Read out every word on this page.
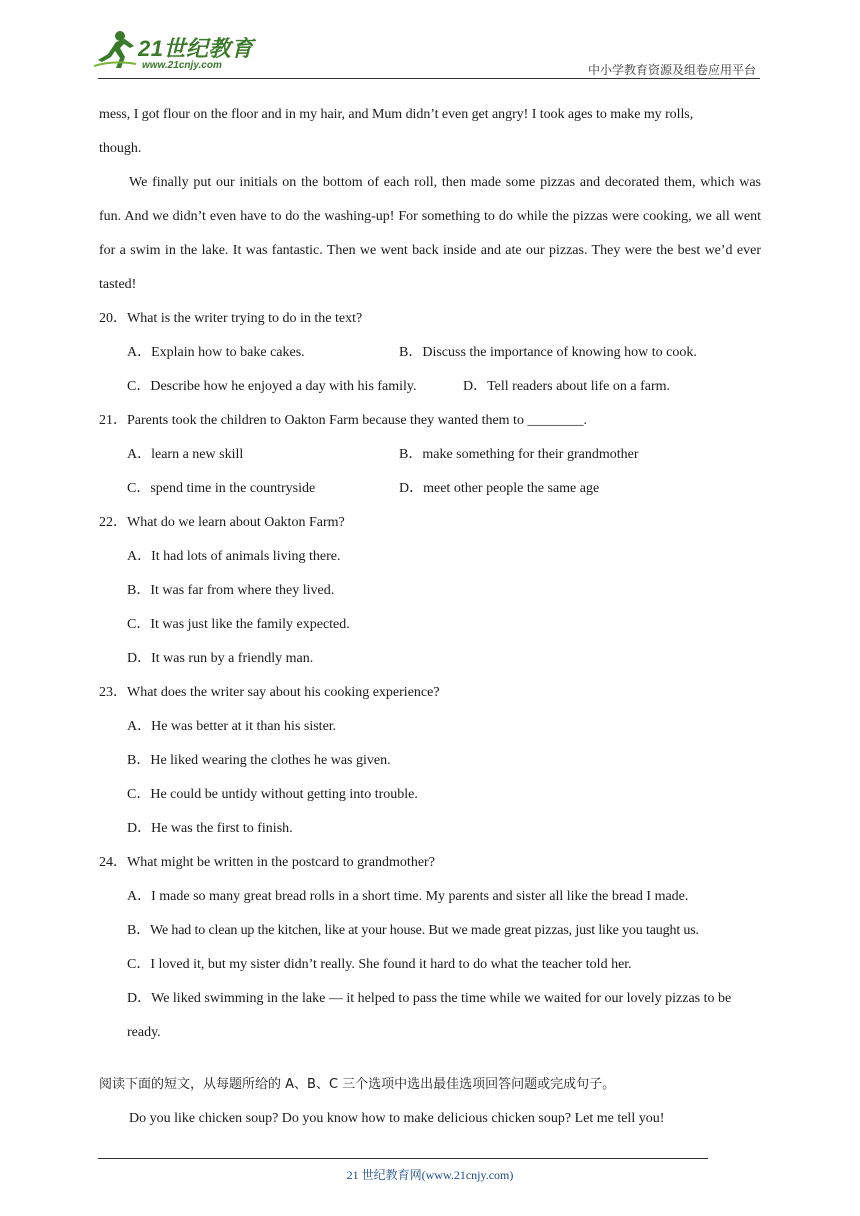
21世纪教育
www.21cnjy.com	中小学教育资源及组卷应用平台
mess, I got flour on the floor and in my hair, and Mum didn’t even get angry! I took ages to make my rolls,
though.
We finally put our initials on the bottom of each roll, then made some pizzas and decorated them, which was fun. And we didn’t even have to do the washing-up! For something to do while the pizzas were cooking, we all went for a swim in the lake. It was fantastic. Then we went back inside and ate our pizzas. They were the best we’d ever tasted!
20．What is the writer trying to do in the text?
A．Explain how to bake cakes.	B．Discuss the importance of knowing how to cook.
C．Describe how he enjoyed a day with his family.	D．Tell readers about life on a farm.
21．Parents took the children to Oakton Farm because they wanted them to ________.
A．learn a new skill	B．make something for their grandmother
C．spend time in the countryside	D．meet other people the same age
22．What do we learn about Oakton Farm?
A．It had lots of animals living there.
B．It was far from where they lived.
C．It was just like the family expected.
D．It was run by a friendly man.
23．What does the writer say about his cooking experience?
A．He was better at it than his sister.
B．He liked wearing the clothes he was given.
C．He could be untidy without getting into trouble.
D．He was the first to finish.
24．What might be written in the postcard to grandmother?
A．I made so many great bread rolls in a short time. My parents and sister all like the bread I made.
B．We had to clean up the kitchen, like at your house. But we made great pizzas, just like you taught us.
C．I loved it, but my sister didn’t really. She found it hard to do what the teacher told her.
D．We liked swimming in the lake — it helped to pass the time while we waited for our lovely pizzas to be ready.
阅读下面的短文，从每题所给的 A、B、C 三个选项中选出最佳选项回答问题或完成句子。
Do you like chicken soup? Do you know how to make delicious chicken soup? Let me tell you!
21 世纪教育网(www.21cnjy.com)
